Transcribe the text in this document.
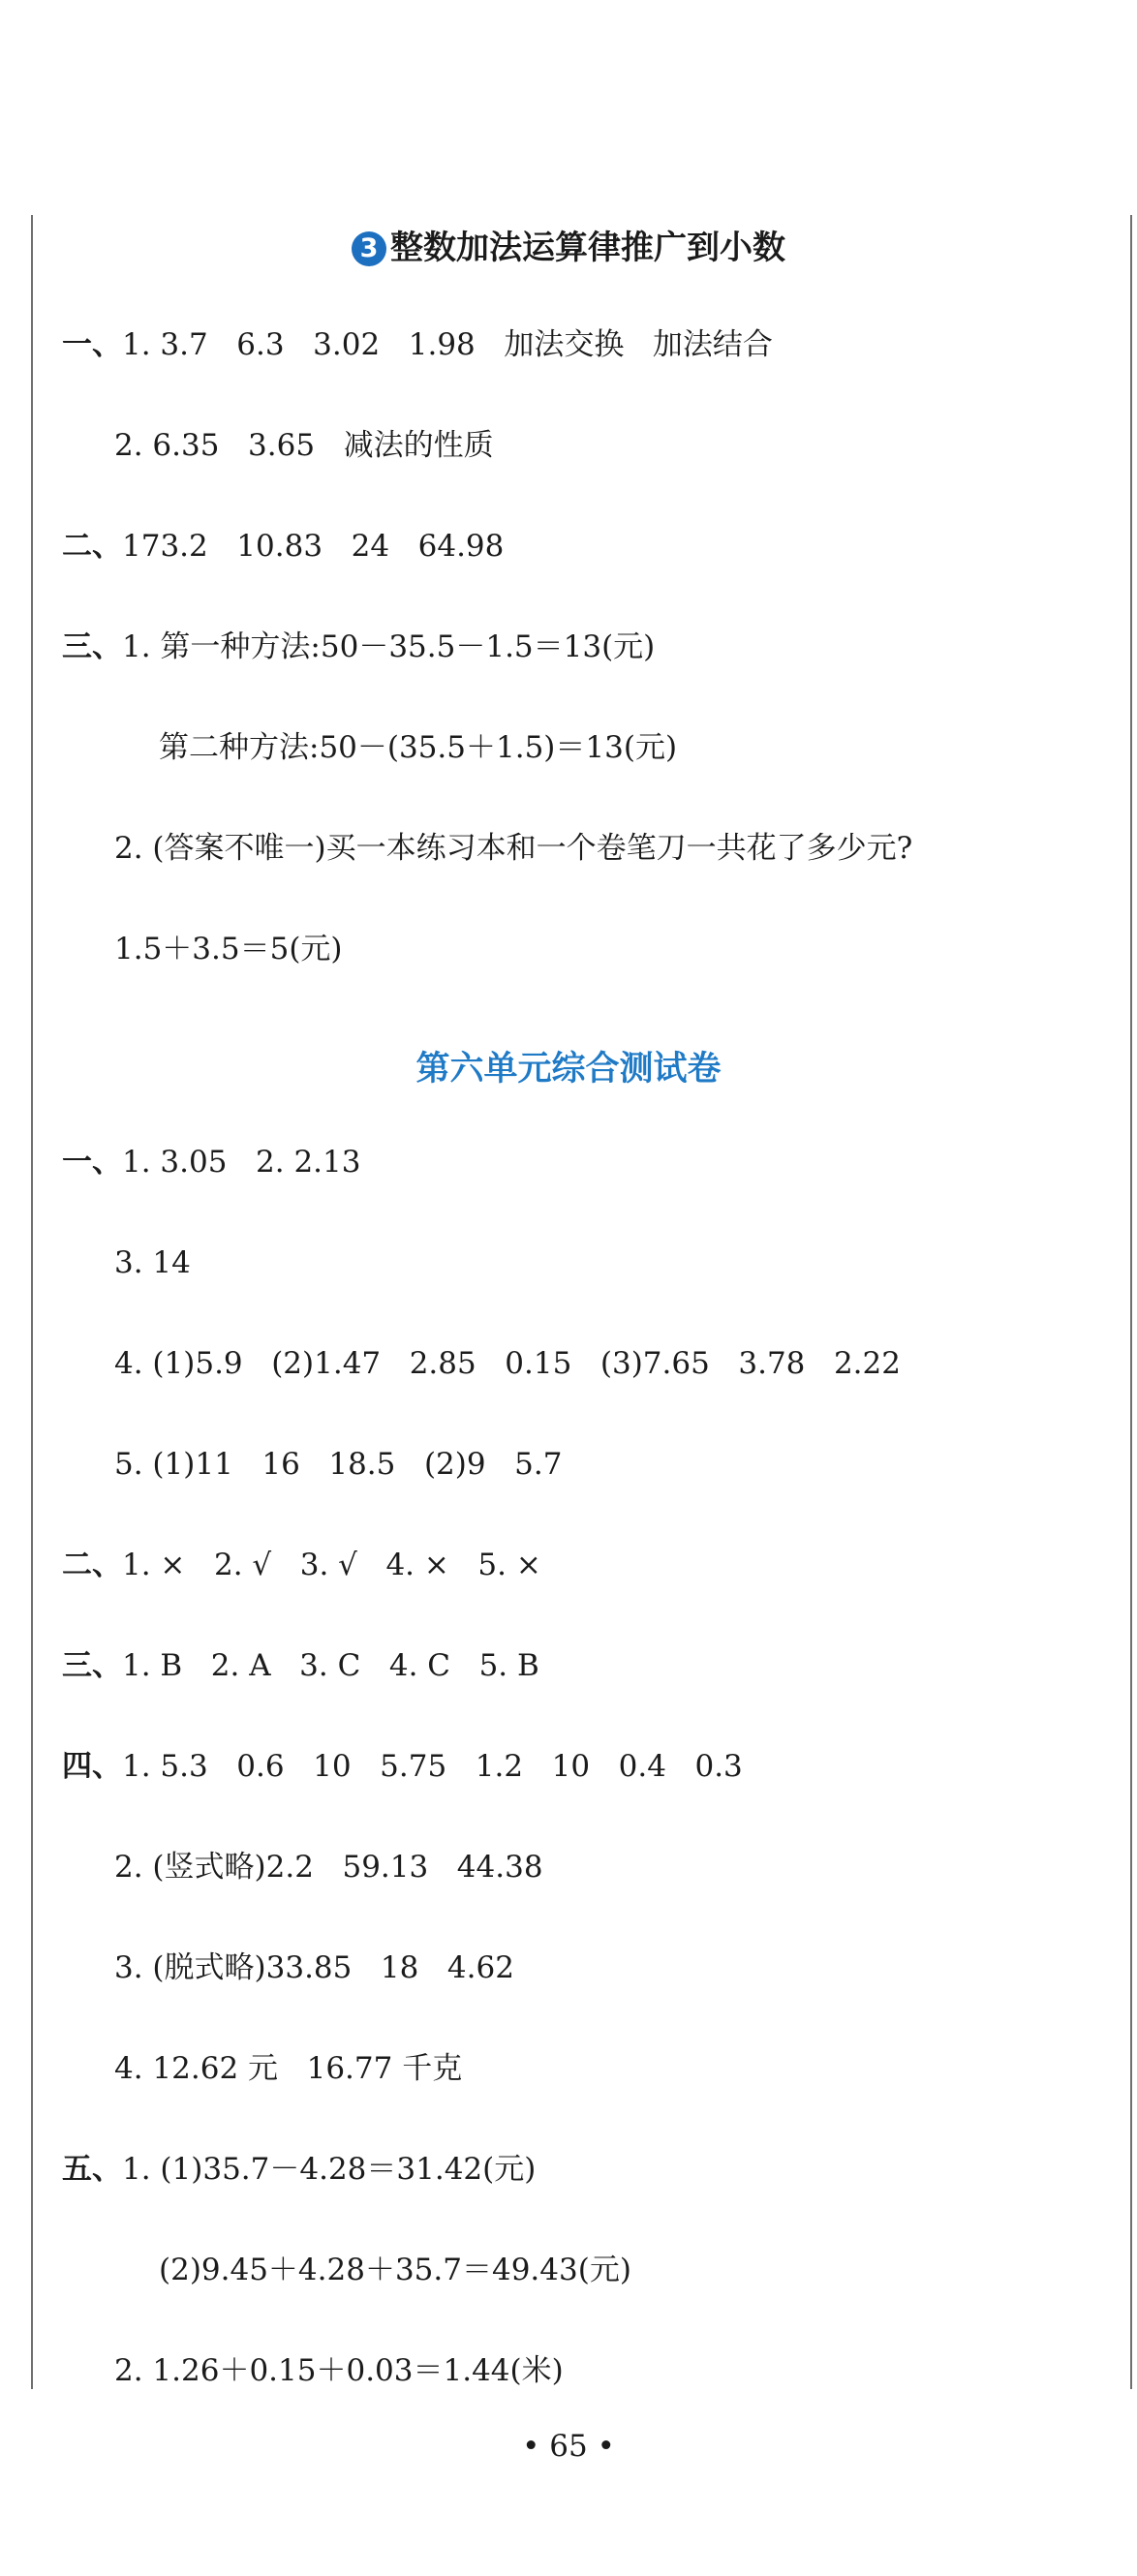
3 整数加法运算律推广到小数
一、1. 3.7   6.3   3.02   1.98   加法交换   加法结合
2. 6.35   3.65   减法的性质
二、173.2   10.83   24   64.98
三、1. 第一种方法:50－35.5－1.5＝13(元)
第二种方法:50－(35.5＋1.5)＝13(元)
2. (答案不唯一)买一本练习本和一个卷笔刀一共花了多少元?
1.5＋3.5＝5(元)
第六单元综合测试卷
一、1. 3.05   2. 2.13
3. 14
4. (1)5.9   (2)1.47   2.85   0.15   (3)7.65   3.78   2.22
5. (1)11   16   18.5   (2)9   5.7
二、1. ×   2. √   3. √   4. ×   5. ×
三、1. B   2. A   3. C   4. C   5. B
四、1. 5.3   0.6   10   5.75   1.2   10   0.4   0.3
2. (竖式略)2.2   59.13   44.38
3. (脱式略)33.85   18   4.62
4. 12.62 元   16.77 千克
五、1. (1)35.7－4.28＝31.42(元)
(2)9.45＋4.28＋35.7＝49.43(元)
2. 1.26＋0.15＋0.03＝1.44(米)
• 65 •
